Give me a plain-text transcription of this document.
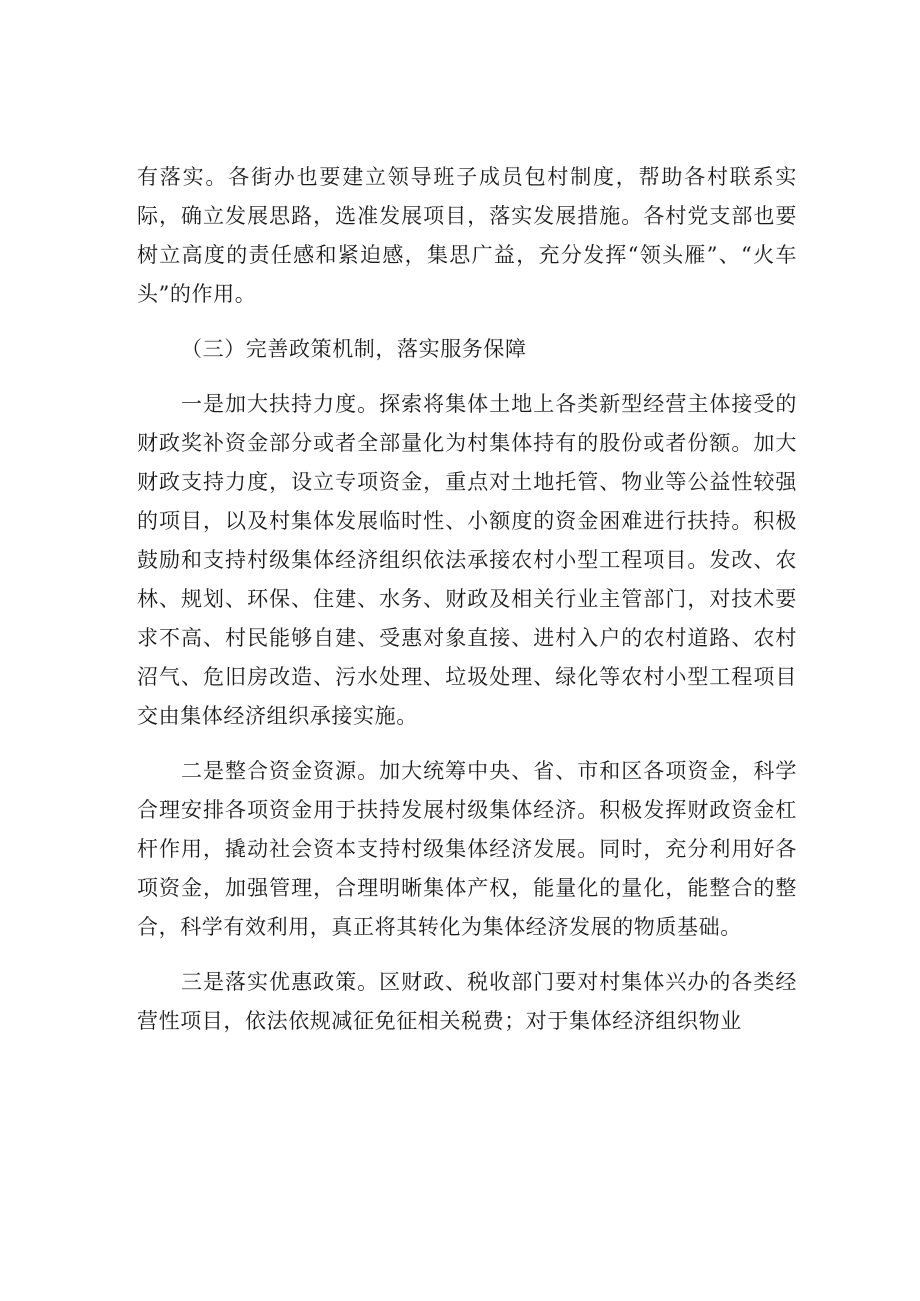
有落实。各街办也要建立领导班子成员包村制度，帮助各村联系实际，确立发展思路，选准发展项目，落实发展措施。各村党支部也要树立高度的责任感和紧迫感，集思广益，充分发挥“领头雁”、“火车头”的作用。

（三）完善政策机制，落实服务保障

一是加大扶持力度。探索将集体土地上各类新型经营主体接受的财政奖补资金部分或者全部量化为村集体持有的股份或者份额。加大财政支持力度，设立专项资金，重点对土地托管、物业等公益性较强的项目，以及村集体发展临时性、小额度的资金困难进行扶持。积极鼓励和支持村级集体经济组织依法承接农村小型工程项目。发改、农林、规划、环保、住建、水务、财政及相关行业主管部门，对技术要求不高、村民能够自建、受惠对象直接、进村入户的农村道路、农村沼气、危旧房改造、污水处理、垃圾处理、绿化等农村小型工程项目交由集体经济组织承接实施。

二是整合资金资源。加大统筹中央、省、市和区各项资金，科学合理安排各项资金用于扶持发展村级集体经济。积极发挥财政资金杠杆作用，撬动社会资本支持村级集体经济发展。同时，充分利用好各项资金，加强管理，合理明晰集体产权，能量化的量化，能整合的整合，科学有效利用，真正将其转化为集体经济发展的物质基础。

三是落实优惠政策。区财政、税收部门要对村集体兴办的各类经营性项目，依法依规减征免征相关税费；对于集体经济组织物业
